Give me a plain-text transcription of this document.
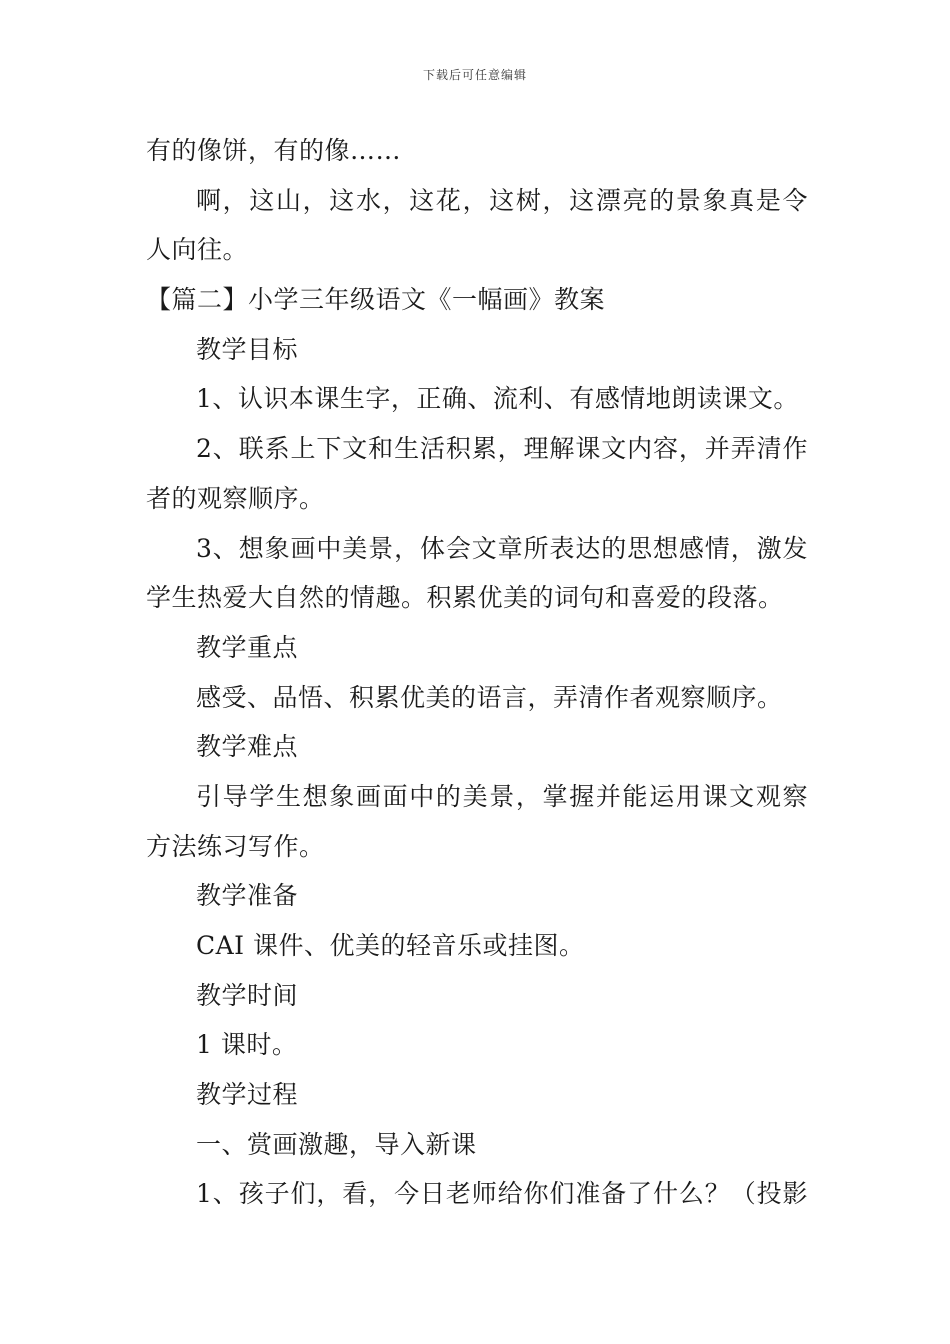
下载后可任意编辑
有的像饼，有的像……
啊，这山，这水，这花，这树，这漂亮的景象真是令
人向往。
【篇二】小学三年级语文《一幅画》教案
教学目标
1、认识本课生字，正确、流利、有感情地朗读课文。
2、联系上下文和生活积累，理解课文内容，并弄清作
者的观察顺序。
3、想象画中美景，体会文章所表达的思想感情，激发
学生热爱大自然的情趣。积累优美的词句和喜爱的段落。
教学重点
感受、品悟、积累优美的语言，弄清作者观察顺序。
教学难点
引导学生想象画面中的美景，掌握并能运用课文观察
方法练习写作。
教学准备
CAI 课件、优美的轻音乐或挂图。
教学时间
1 课时。
教学过程
一、赏画激趣，导入新课
1、孩子们，看，今日老师给你们准备了什么？（投影
